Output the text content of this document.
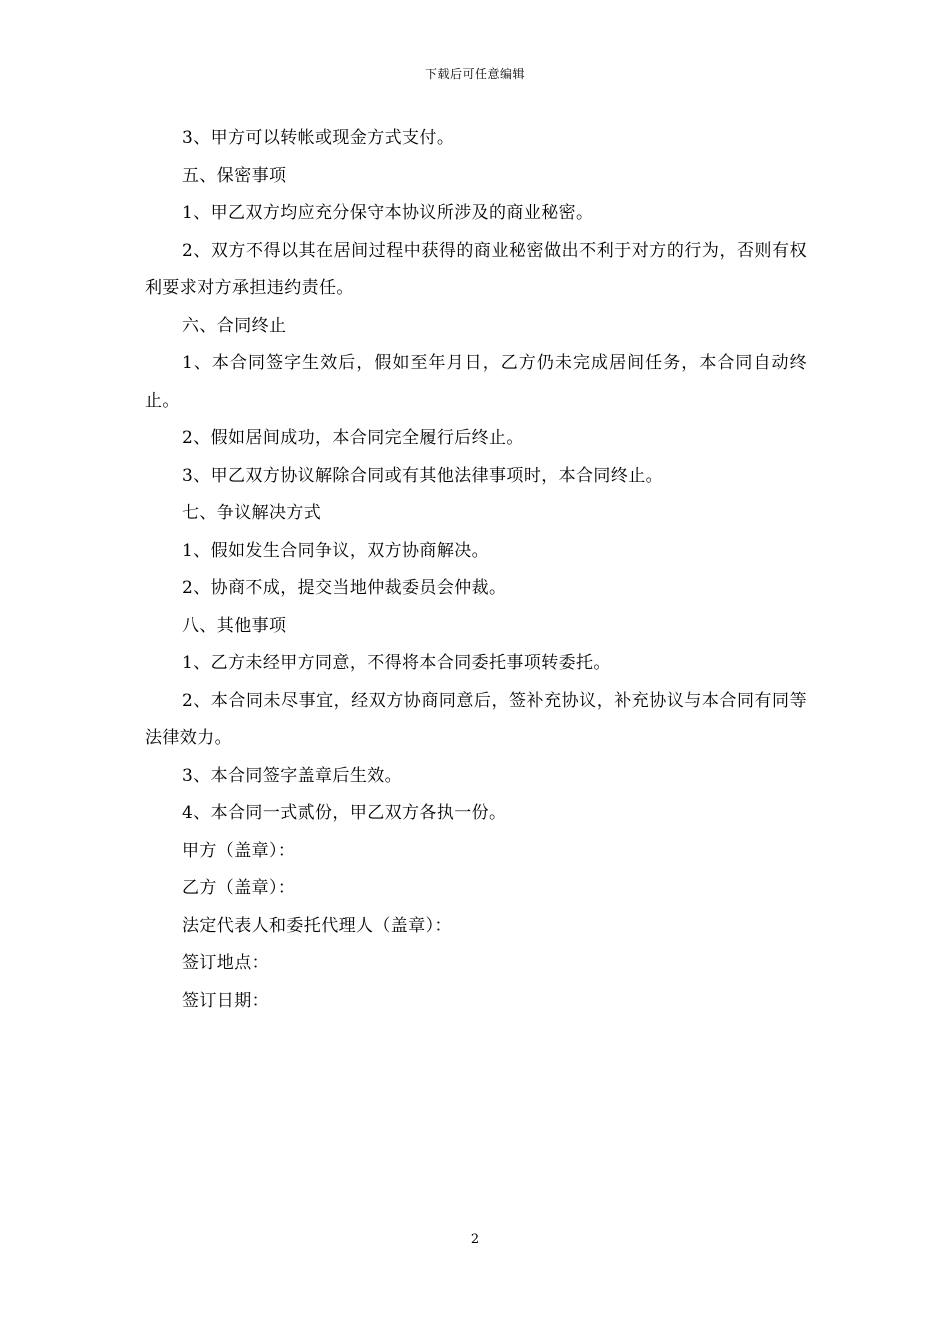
下载后可任意编辑

3、甲方可以转帐或现金方式支付。

五、保密事项

1、甲乙双方均应充分保守本协议所涉及的商业秘密。

2、双方不得以其在居间过程中获得的商业秘密做出不利于对方的行为，否则有权利要求对方承担违约责任。

六、合同终止

1、本合同签字生效后，假如至年月日，乙方仍未完成居间任务，本合同自动终止。

2、假如居间成功，本合同完全履行后终止。

3、甲乙双方协议解除合同或有其他法律事项时，本合同终止。

七、争议解决方式

1、假如发生合同争议，双方协商解决。

2、协商不成，提交当地仲裁委员会仲裁。

八、其他事项

1、乙方未经甲方同意，不得将本合同委托事项转委托。

2、本合同未尽事宜，经双方协商同意后，签补充协议，补充协议与本合同有同等法律效力。

3、本合同签字盖章后生效。

4、本合同一式贰份，甲乙双方各执一份。

甲方（盖章）：

乙方（盖章）：

法定代表人和委托代理人（盖章）：

签订地点：

签订日期：

2
